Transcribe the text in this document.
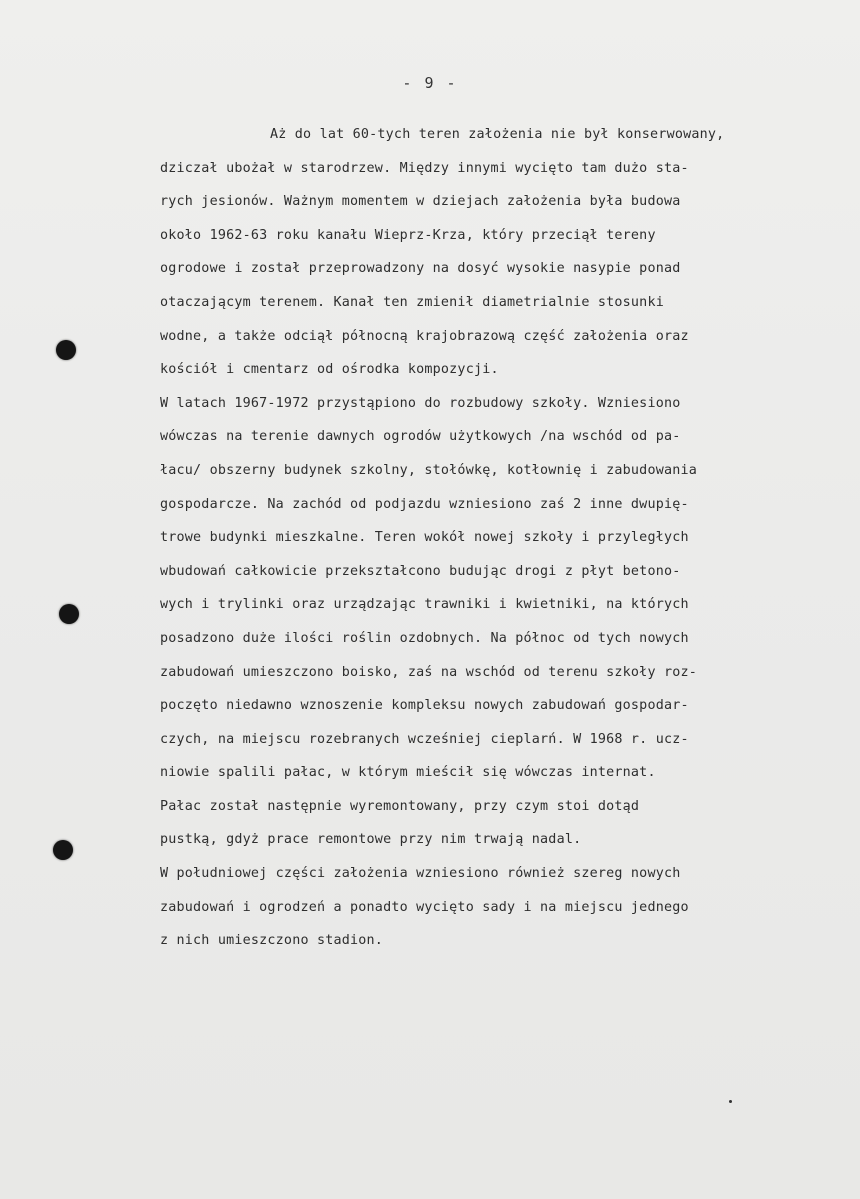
- 9 -
Aż do lat 60-tych teren założenia nie był konserwowany,
dziczał ubożał w starodrzew. Między innymi wycięto tam dużo sta-
rych jesionów. Ważnym momentem w dziejach założenia była budowa
około 1962-63 roku kanału Wieprz-Krza, który przeciął tereny
ogrodowe i został przeprowadzony na dosyć wysokie nasypie ponad
otaczającym terenem. Kanał ten zmienił diametrialnie stosunki
wodne, a także odciął północną krajobrazową część założenia oraz
kościół i cmentarz od ośrodka kompozycji.
W latach 1967-1972 przystąpiono do rozbudowy szkoły. Wzniesiono
wówczas na terenie dawnych ogrodów użytkowych /na wschód od pa-
łacu/ obszerny budynek szkolny, stołówkę, kotłownię i zabudowania
gospodarcze. Na zachód od podjazdu wzniesiono zaś 2 inne dwupię-
trowe budynki mieszkalne. Teren wokół nowej szkoły i przyległych
wbudowań całkowicie przekształcono budując drogi z płyt betono-
wych i trylinki oraz urządzając trawniki i kwietniki, na których
posadzono duże ilości roślin ozdobnych. Na północ od tych nowych
zabudowań umieszczono boisko, zaś na wschód od terenu szkoły roz-
poczęto niedawno wznoszenie kompleksu nowych zabudowań gospodar-
czych, na miejscu rozebranych wcześniej cieplarń. W 1968 r. ucz-
niowie spalili pałac, w którym mieścił się wówczas internat.
Pałac został następnie wyremontowany, przy czym stoi dotąd
pustką, gdyż prace remontowe przy nim trwają nadal.
W południowej części założenia wzniesiono również szereg nowych
zabudowań i ogrodzeń a ponadto wycięto sady i na miejscu jednego
z nich umieszczono stadion.
